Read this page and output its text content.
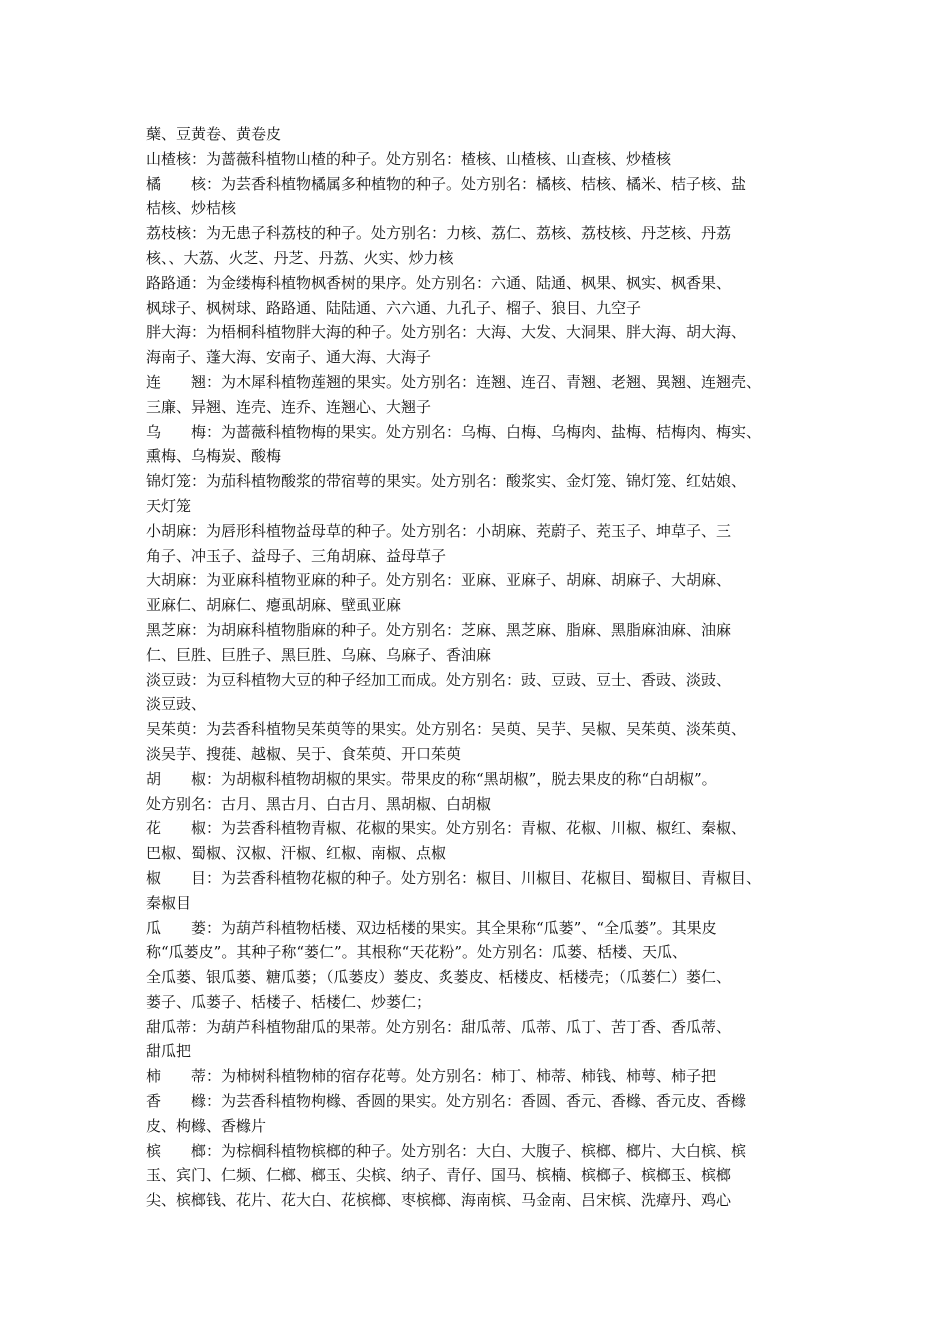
蘖、豆黄卷、黄卷皮
山楂核：为蔷薇科植物山楂的种子。处方别名：楂核、山楂核、山查核、炒楂核
橘　　核：为芸香科植物橘属多种植物的种子。处方别名：橘核、桔核、橘米、桔子核、盐
桔核、炒桔核
荔枝核：为无患子科荔枝的种子。处方别名：力核、荔仁、荔核、荔枝核、丹芝核、丹荔
核、、大荔、火芝、丹芝、丹荔、火实、炒力核
路路通：为金缕梅科植物枫香树的果序。处方别名：六通、陆通、枫果、枫实、枫香果、
枫球子、枫树球、路路通、陆陆通、六六通、九孔子、榴子、狼目、九空子
胖大海：为梧桐科植物胖大海的种子。处方别名：大海、大发、大洞果、胖大海、胡大海、
海南子、蓬大海、安南子、通大海、大海子
连　　翘：为木犀科植物莲翘的果实。处方别名：连翘、连召、青翘、老翘、異翘、连翘壳、
三廉、异翘、连壳、连乔、连翘心、大翘子
乌　　梅：为蔷薇科植物梅的果实。处方别名：乌梅、白梅、乌梅肉、盐梅、桔梅肉、梅实、
熏梅、乌梅炭、酸梅
锦灯笼：为茄科植物酸浆的带宿萼的果实。处方别名：酸浆实、金灯笼、锦灯笼、红姑娘、
天灯笼
小胡麻：为唇形科植物益母草的种子。处方别名：小胡麻、茺蔚子、茺玉子、坤草子、三
角子、冲玉子、益母子、三角胡麻、益母草子
大胡麻：为亚麻科植物亚麻的种子。处方别名：亚麻、亚麻子、胡麻、胡麻子、大胡麻、
亚麻仁、胡麻仁、瘪虱胡麻、壁虱亚麻
黑芝麻：为胡麻科植物脂麻的种子。处方别名：芝麻、黑芝麻、脂麻、黑脂麻油麻、油麻
仁、巨胜、巨胜子、黑巨胜、乌麻、乌麻子、香油麻
淡豆豉：为豆科植物大豆的种子经加工而成。处方别名：豉、豆豉、豆士、香豉、淡豉、
淡豆豉、
吴茱萸：为芸香科植物吴茱萸等的果实。处方别名：吴萸、吴芋、吴椒、吴茱萸、淡茱萸、
淡吴芋、搜蓰、越椒、吴于、食茱萸、开口茱萸
胡　　椒：为胡椒科植物胡椒的果实。带果皮的称“黑胡椒”，脱去果皮的称“白胡椒”。
处方别名：古月、黑古月、白古月、黑胡椒、白胡椒
花　　椒：为芸香科植物青椒、花椒的果实。处方别名：青椒、花椒、川椒、椒红、秦椒、
巴椒、蜀椒、汉椒、汗椒、红椒、南椒、点椒
椒　　目：为芸香科植物花椒的种子。处方别名：椒目、川椒目、花椒目、蜀椒目、青椒目、
秦椒目
瓜　　蒌：为葫芦科植物栝楼、双边栝楼的果实。其全果称“瓜蒌”、“全瓜蒌”。其果皮
称“瓜蒌皮”。其种子称“蒌仁”。其根称“天花粉”。处方别名：瓜蒌、栝楼、天瓜、
全瓜蒌、银瓜蒌、糖瓜蒌；（瓜蒌皮）蒌皮、炙蒌皮、栝楼皮、栝楼壳；（瓜蒌仁）蒌仁、
蒌子、瓜蒌子、栝楼子、栝楼仁、炒蒌仁；
甜瓜蒂：为葫芦科植物甜瓜的果蒂。处方别名：甜瓜蒂、瓜蒂、瓜丁、苦丁香、香瓜蒂、
甜瓜把
柿　　蒂：为柿树科植物柿的宿存花萼。处方别名：柿丁、柿蒂、柿钱、柿萼、柿子把
香　　橼：为芸香科植物枸橼、香圆的果实。处方别名：香圆、香元、香橼、香元皮、香橼
皮、枸橼、香橼片
槟　　榔：为棕榈科植物槟榔的种子。处方别名：大白、大腹子、槟榔、榔片、大白槟、槟
玉、宾门、仁频、仁榔、榔玉、尖槟、纳子、青仔、国马、槟楠、槟榔子、槟榔玉、槟榔
尖、槟榔钱、花片、花大白、花槟榔、枣槟榔、海南槟、马金南、吕宋槟、洗瘴丹、鸡心
